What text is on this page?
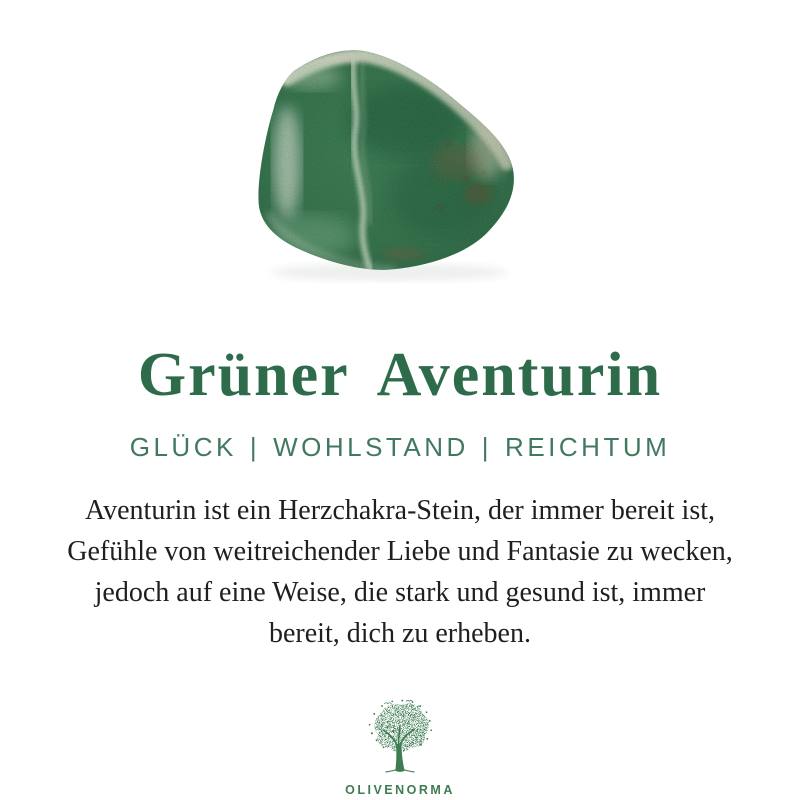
Grüner Aventurin
GLÜCK | WOHLSTAND | REICHTUM
Aventurin ist ein Herzchakra-Stein, der immer bereit ist,
Gefühle von weitreichender Liebe und Fantasie zu wecken,
jedoch auf eine Weise, die stark und gesund ist, immer
bereit, dich zu erheben.
OLIVENORMA
